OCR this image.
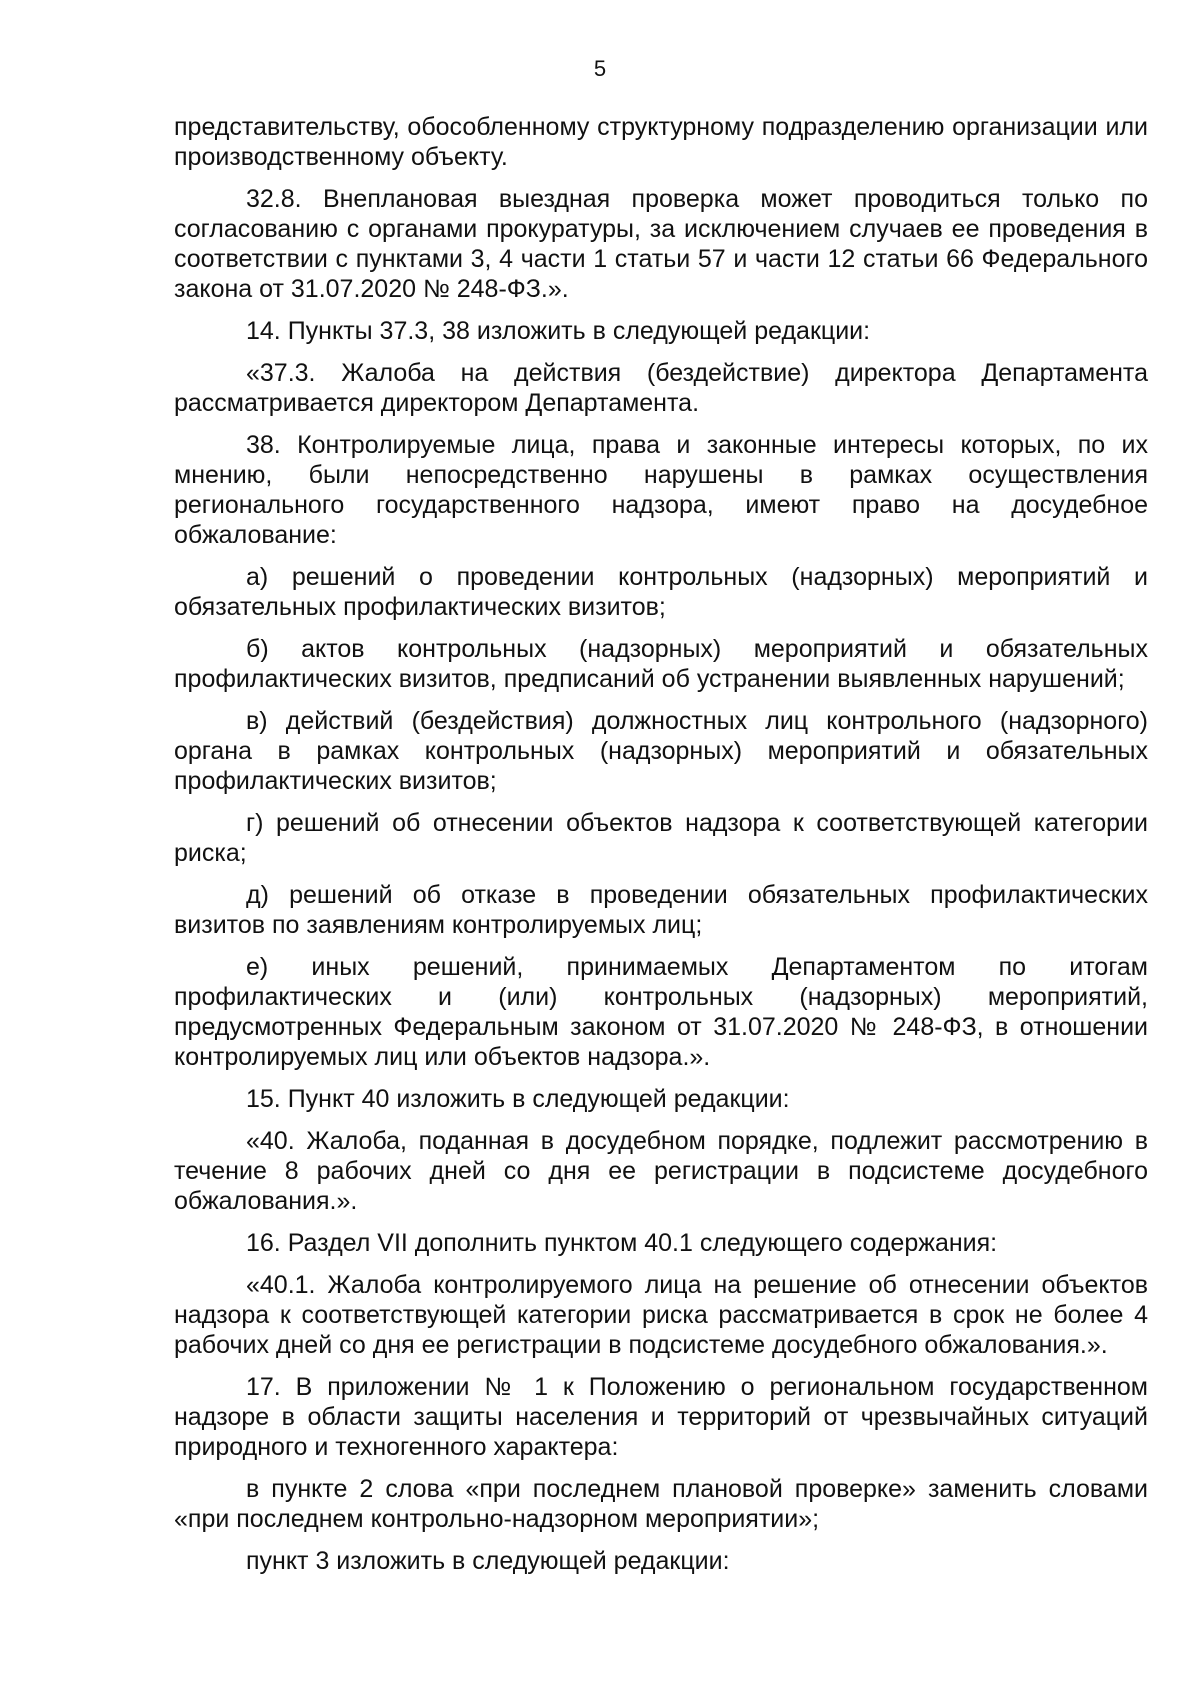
5

представительству, обособленному структурному подразделению организации или производственному объекту.

32.8. Внеплановая выездная проверка может проводиться только по согласованию с органами прокуратуры, за исключением случаев ее проведения в соответствии с пунктами 3, 4 части 1 статьи 57 и части 12 статьи 66 Федерального закона от 31.07.2020 № 248-ФЗ.».

14. Пункты 37.3, 38 изложить в следующей редакции:

«37.3. Жалоба на действия (бездействие) директора Департамента рассматривается директором Департамента.

38. Контролируемые лица, права и законные интересы которых, по их мнению, были непосредственно нарушены в рамках осуществления регионального государственного надзора, имеют право на досудебное обжалование:

а) решений о проведении контрольных (надзорных) мероприятий и обязательных профилактических визитов;

б) актов контрольных (надзорных) мероприятий и обязательных профилактических визитов, предписаний об устранении выявленных нарушений;

в) действий (бездействия) должностных лиц контрольного (надзорного) органа в рамках контрольных (надзорных) мероприятий и обязательных профилактических визитов;

г) решений об отнесении объектов надзора к соответствующей категории риска;

д) решений об отказе в проведении обязательных профилактических визитов по заявлениям контролируемых лиц;

е) иных решений, принимаемых Департаментом по итогам профилактических и (или) контрольных (надзорных) мероприятий, предусмотренных Федеральным законом от 31.07.2020 № 248-ФЗ, в отношении контролируемых лиц или объектов надзора.».

15. Пункт 40 изложить в следующей редакции:

«40. Жалоба, поданная в досудебном порядке, подлежит рассмотрению в течение 8 рабочих дней со дня ее регистрации в подсистеме досудебного обжалования.».

16. Раздел VII дополнить пунктом 40.1 следующего содержания:

«40.1. Жалоба контролируемого лица на решение об отнесении объектов надзора к соответствующей категории риска рассматривается в срок не более 4 рабочих дней со дня ее регистрации в подсистеме досудебного обжалования.».

17. В приложении № 1 к Положению о региональном государственном надзоре в области защиты населения и территорий от чрезвычайных ситуаций природного и техногенного характера:

в пункте 2 слова «при последнем плановой проверке» заменить словами «при последнем контрольно-надзорном мероприятии»;

пункт 3 изложить в следующей редакции:
